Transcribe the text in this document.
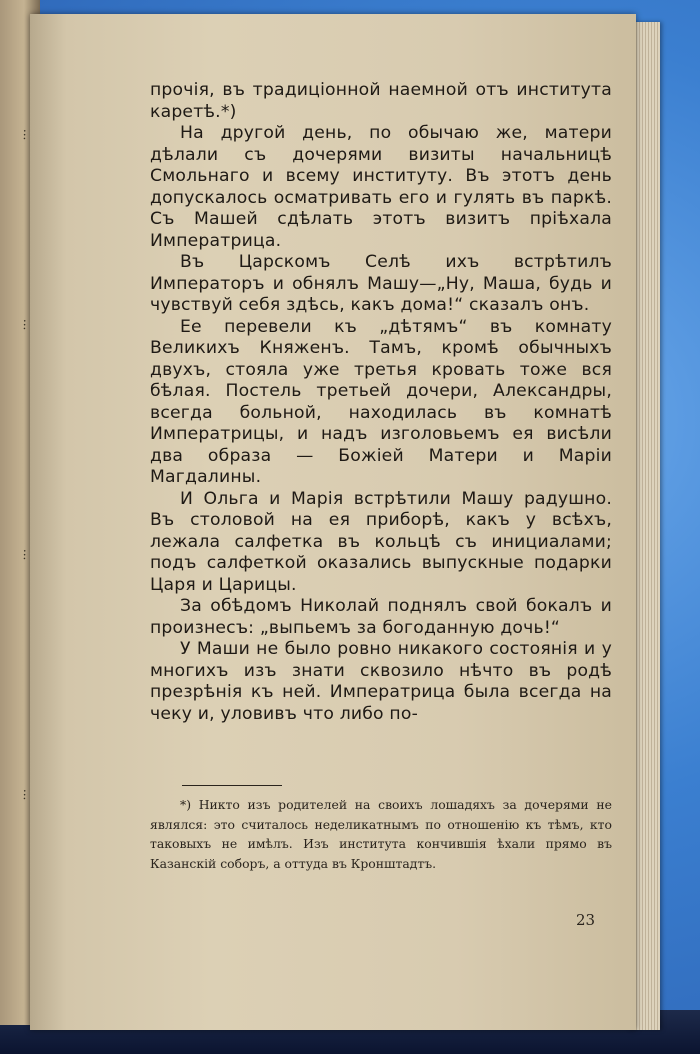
...
...
...
...

прочія, въ традиціонной наемной отъ института каретѣ.*)

На другой день, по обычаю же, матери дѣлали съ дочерями визиты начальницѣ Смольнаго и всему институту. Въ этотъ день допускалось осматривать его и гулять въ паркѣ. Съ Машей сдѣлать этотъ визитъ пріѣхала Императрица.

Въ Царскомъ Селѣ ихъ встрѣтилъ Императоръ и обнялъ Машу—„Ну, Маша, будь и чувствуй себя здѣсь, какъ дома!“ сказалъ онъ.

Ее перевели къ „дѣтямъ“ въ комнату Великихъ Княженъ. Тамъ, кромѣ обычныхъ двухъ, стояла уже третья кровать тоже вся бѣлая. Постель третьей дочери, Александры, всегда больной, находилась въ комнатѣ Императрицы, и надъ изголовьемъ ея висѣли два образа — Божіей Матери и Маріи Магдалины.

И Ольга и Марія встрѣтили Машу радушно. Въ столовой на ея приборѣ, какъ у всѣхъ, лежала салфетка въ кольцѣ съ инициалами; подъ салфеткой оказались выпускные подарки Царя и Царицы.

За обѣдомъ Николай поднялъ свой бокалъ и произнесъ: „выпьемъ за богоданную дочь!“

У Маши не было ровно никакого состоянія и у многихъ изъ знати сквозило нѣчто въ родѣ презрѣнія къ ней. Императрица была всегда на чеку и, уловивъ что либо по-

*) Никто изъ родителей на своихъ лошадяхъ за дочерями не являлся: это считалось неделикатнымъ по отношенію къ тѣмъ, кто таковыхъ не имѣлъ. Изъ института кончившія ѣхали прямо въ Казанскій соборъ, а оттуда въ Кронштадтъ.

23
